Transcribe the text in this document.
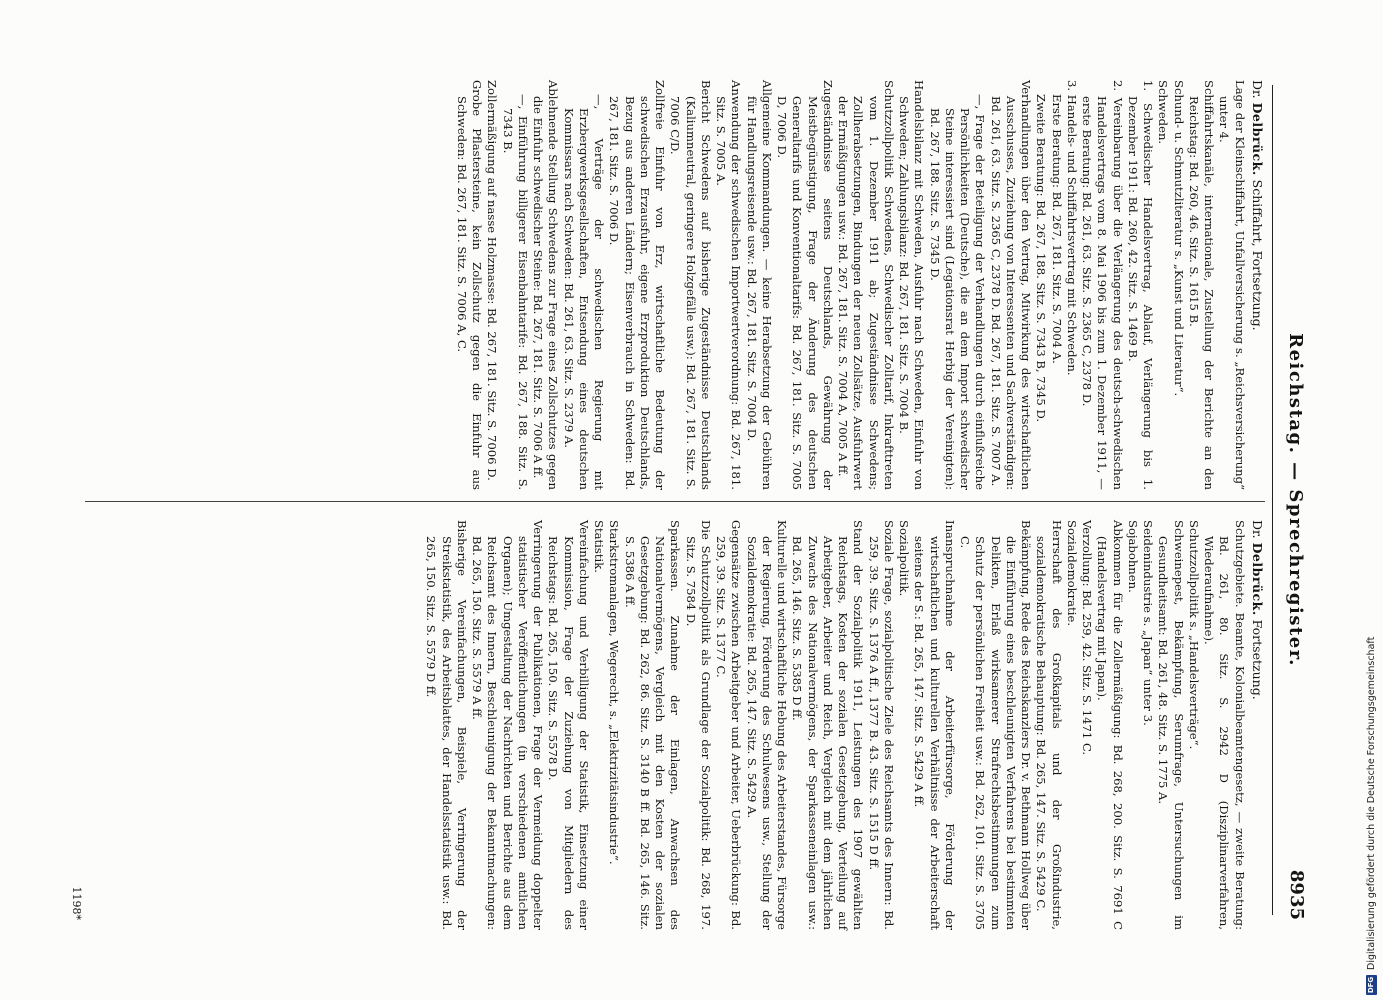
Reichstag. — Sprechregister.
8935

Dr. Delbrück. Schiffahrt, Fortsetzung.

Lage der Kleinschiffahrt, Unfallversicherung s. „Reichsversicherung“ unter 4.

Schiffahrtskanäle, internationale, Zustellung der Berichte an den Reichstag: Bd. 260, 46. Sitz. S. 1615 B.

Schund- u. Schmutzliteratur s. „Kunst und Literatur“.

Schweden.

1. Schwedischer Handelsvertrag, Ablauf, Verlängerung bis 1. Dezember 1911: Bd. 260, 42. Sitz. S. 1469 B.

2. Vereinbarung über die Verlängerung des deutsch-schwedischen Handelsvertrags vom 8. Mai 1906 bis zum 1. Dezember 1911, — erste Beratung: Bd. 261, 63. Sitz. S. 2365 C, 2378 D.

3. Handels- und Schiffahrtsvertrag mit Schweden.

Erste Beratung: Bd. 267, 181. Sitz. S. 7004 A.

Zweite Beratung: Bd. 267, 188. Sitz. S. 7343 B, 7345 D.

Verhandlungen über den Vertrag, Mitwirkung des wirtschaftlichen Ausschusses, Zuziehung von Interessenten und Sachverständigen: Bd. 261, 63. Sitz. S. 2365 C, 2378 D. Bd. 267, 181. Sitz. S. 7007 A.

—, Frage der Beteiligung der Verhandlungen durch einflußreiche Persönlichkeiten (Deutsche), die an dem Import schwedischer Steine interessiert sind (Legationsrat Herbig der Vereinigten): Bd. 267, 188. Sitz. S. 7345 D.

Handelsbilanz mit Schweden, Ausfuhr nach Schweden, Einfuhr von Schweden; Zahlungsbilanz: Bd. 267, 181. Sitz. S. 7004 B.

Schutzzollpolitik Schwedens, Schwedischer Zolltarif, Inkrafttreten vom 1. Dezember 1911 ab; Zugeständnisse Schwedens; Zollherabsetzungen, Bindungen der neuen Zollsätze, Ausfuhrwert der Ermäßigungen usw.: Bd. 267, 181. Sitz. S. 7004 A, 7005 A ff.

Zugeständnisse seitens Deutschlands, Gewährung der Meistbegünstigung, Frage der Änderung des deutschen Generaltarifs und Konventionaltarifs: Bd. 267, 181. Sitz. S. 7005 D, 7006 D.

Allgemeine Kommandungen. — keine Herabsetzung der Gebühren für Handlungsreisende usw.: Bd. 267, 181. Sitz. S. 7004 D.

Anwendung der schwedischen Importwertverordnung: Bd. 267, 181. Sitz. S. 7005 A.

Bericht Schwedens auf bisherige Zugeständnisse Deutschlands (Kaliumneutral, geringere Holzgefälle usw.): Bd. 267, 181. Sitz. S. 7006 C/D.

Zollfreie Einfuhr von Erz, wirtschaftliche Bedeutung der schwedischen Erzausfuhr, eigene Erzproduktion Deutschlands, Bezug aus anderen Ländern; Eisenverbrauch in Schweden: Bd. 267, 181. Sitz. S. 7006 D.

—, Verträge der schwedischen Regierung mit Erzbergwerksgesellschaften, Entsendung eines deutschen Kommissars nach Schweden: Bd. 261, 63. Sitz. S. 2379 A.

Ablehnende Stellung Schwedens zur Frage eines Zollschutzes gegen die Einfuhr schwedischer Steine: Bd. 267, 181. Sitz. S. 7006 A ff.

—, Einführung billigerer Eisenbahntarife: Bd. 267, 188. Sitz. S. 7343 B.

Zollermäßigung auf nasse Holzmasse: Bd. 267, 181. Sitz. S. 7006 D.

Grobe Pflastersteine, kein Zollschutz gegen die Einfuhr aus Schweden: Bd. 267, 181. Sitz. S. 7006 A, C.

Dr. Delbrück. Fortsetzung.

Schutzgebiete. Beamte, Kolonialbeamtengesetz, — zweite Beratung: Bd. 261, 80. Sitz. S. 2942 D (Disziplinarverfahren, Wiederaufnahme).

Schutzzollpolitik s. „Handelsverträge“.

Schweinepest, Bekämpfung, Serumfrage, Untersuchungen im Gesundheitsamt: Bd. 261, 48. Sitz. S. 1775 A.

Seidenindustrie s. „Japan“ unter 3.

Sojabohnen.

Abkommen für die Zollermäßigung: Bd. 268, 200. Sitz. S. 7691 C (Handelsvertrag mit Japan).

Verzollung: Bd. 259, 42. Sitz. S. 1471 C.

Sozialdemokratie.

Herrschaft des Großkapitals und der Großindustrie, sozialdemokratische Behauptung: Bd. 265, 147. Sitz. S. 5429 C.

Bekämpfung, Rede des Reichskanzlers Dr. v. Bethmann Hollweg über die Einführung eines beschleunigten Verfahrens bei bestimmten Delikten, Erlaß wirksamerer Strafrechtsbestimmungen zum Schutz der persönlichen Freiheit usw.: Bd. 262, 101. Sitz. S. 3705 C.

Inanspruchnahme der Arbeiterfürsorge, Förderung der wirtschaftlichen und kulturellen Verhältnisse der Arbeiterschaft seitens der S.: Bd. 265, 147. Sitz. S. 5429 A ff.

Sozialpolitik.

Soziale Frage, sozialpolitische Ziele des Reichsamts des Innern: Bd. 259, 39. Sitz. S. 1376 A ff., 1377 B. 43. Sitz. S. 1515 D ff.

Stand der Sozialpolitik 1911, Leistungen des 1907 gewählten Reichstags, Kosten der sozialen Gesetzgebung, Verteilung auf Arbeitgeber, Arbeiter und Reich, Vergleich mit dem jährlichen Zuwachs des Nationalvermögens, der Sparkasseneinlagen usw.: Bd. 265, 146. Sitz. S. 5385 D ff.

Kulturelle und wirtschaftliche Hebung des Arbeiterstandes, Fürsorge der Regierung, Förderung des Schulwesens usw., Stellung der Sozialdemokratie: Bd. 265, 147. Sitz. S. 5429 A.

Gegensätze zwischen Arbeitgeber und Arbeiter, Ueberbrückung: Bd. 259, 39. Sitz. S. 1377 C.

Die Schutzzollpolitik als Grundlage der Sozialpolitik: Bd. 268, 197. Sitz. S. 7584 D.

Sparkassen. Zunahme der Einlagen, Anwachsen des Nationalvermögens, Vergleich mit den Kosten der sozialen Gesetzgebung: Bd. 262, 86. Sitz. S. 3140 B ff. Bd. 265, 146. Sitz. S. 5386 A ff.

Starkstromanlagen, Wegerecht, s. „Elektrizitätsindustrie“.

Statistik.

Vereinfachung und Verbilligung der Statistik, Einsetzung einer Kommission, Frage der Zuziehung von Mitgliedern des Reichstags: Bd. 265, 150. Sitz. S. 5578 D.

Verringerung der Publikationen, Frage der Vermeidung doppelter statistischer Veröffentlichungen (in verschiedenen amtlichen Organen); Umgestaltung der Nachrichten und Berichte aus dem Reichsamt des Innern, Beschleunigung der Bekanntmachungen: Bd. 265, 150. Sitz. S. 5579 A ff.

Bisherige Vereinfachungen, Beispiele, Verringerung der Streikstatistik, des Arbeitsblattes, der Handelsstatistik usw.: Bd. 265, 150. Sitz. S. 5579 D ff.

1198*
DFG
Digitalisierung gefördert durch die Deutsche Forschungsgemeinschaft
